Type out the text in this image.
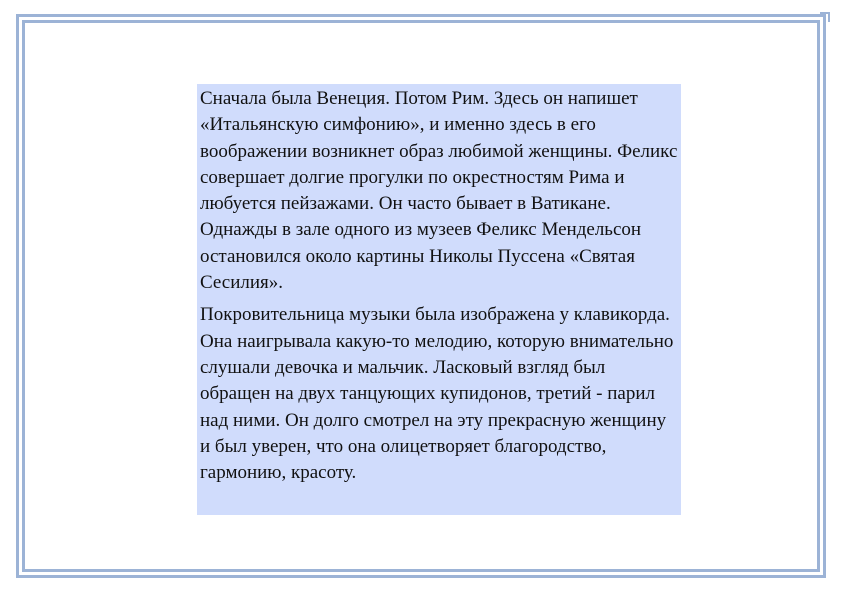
Сначала была Венеция. Потом Рим. Здесь он напишет «Итальянскую симфонию», и именно здесь в его воображении возникнет образ любимой женщины. Феликс совершает долгие прогулки по окрестностям Рима и любуется пейзажами. Он часто бывает в Ватикане. Однажды в зале одного из музеев Феликс Мендельсон остановился около картины Николы Пуссена «Святая Сесилия».

Покровительница музыки была изображена у клавикорда. Она наигрывала какую-то мелодию, которую внимательно слушали девочка и мальчик. Ласковый взгляд был обращен на двух танцующих купидонов, третий - парил над ними. Он долго смотрел на эту прекрасную женщину и был уверен, что она олицетворяет благородство, гармонию, красоту.
